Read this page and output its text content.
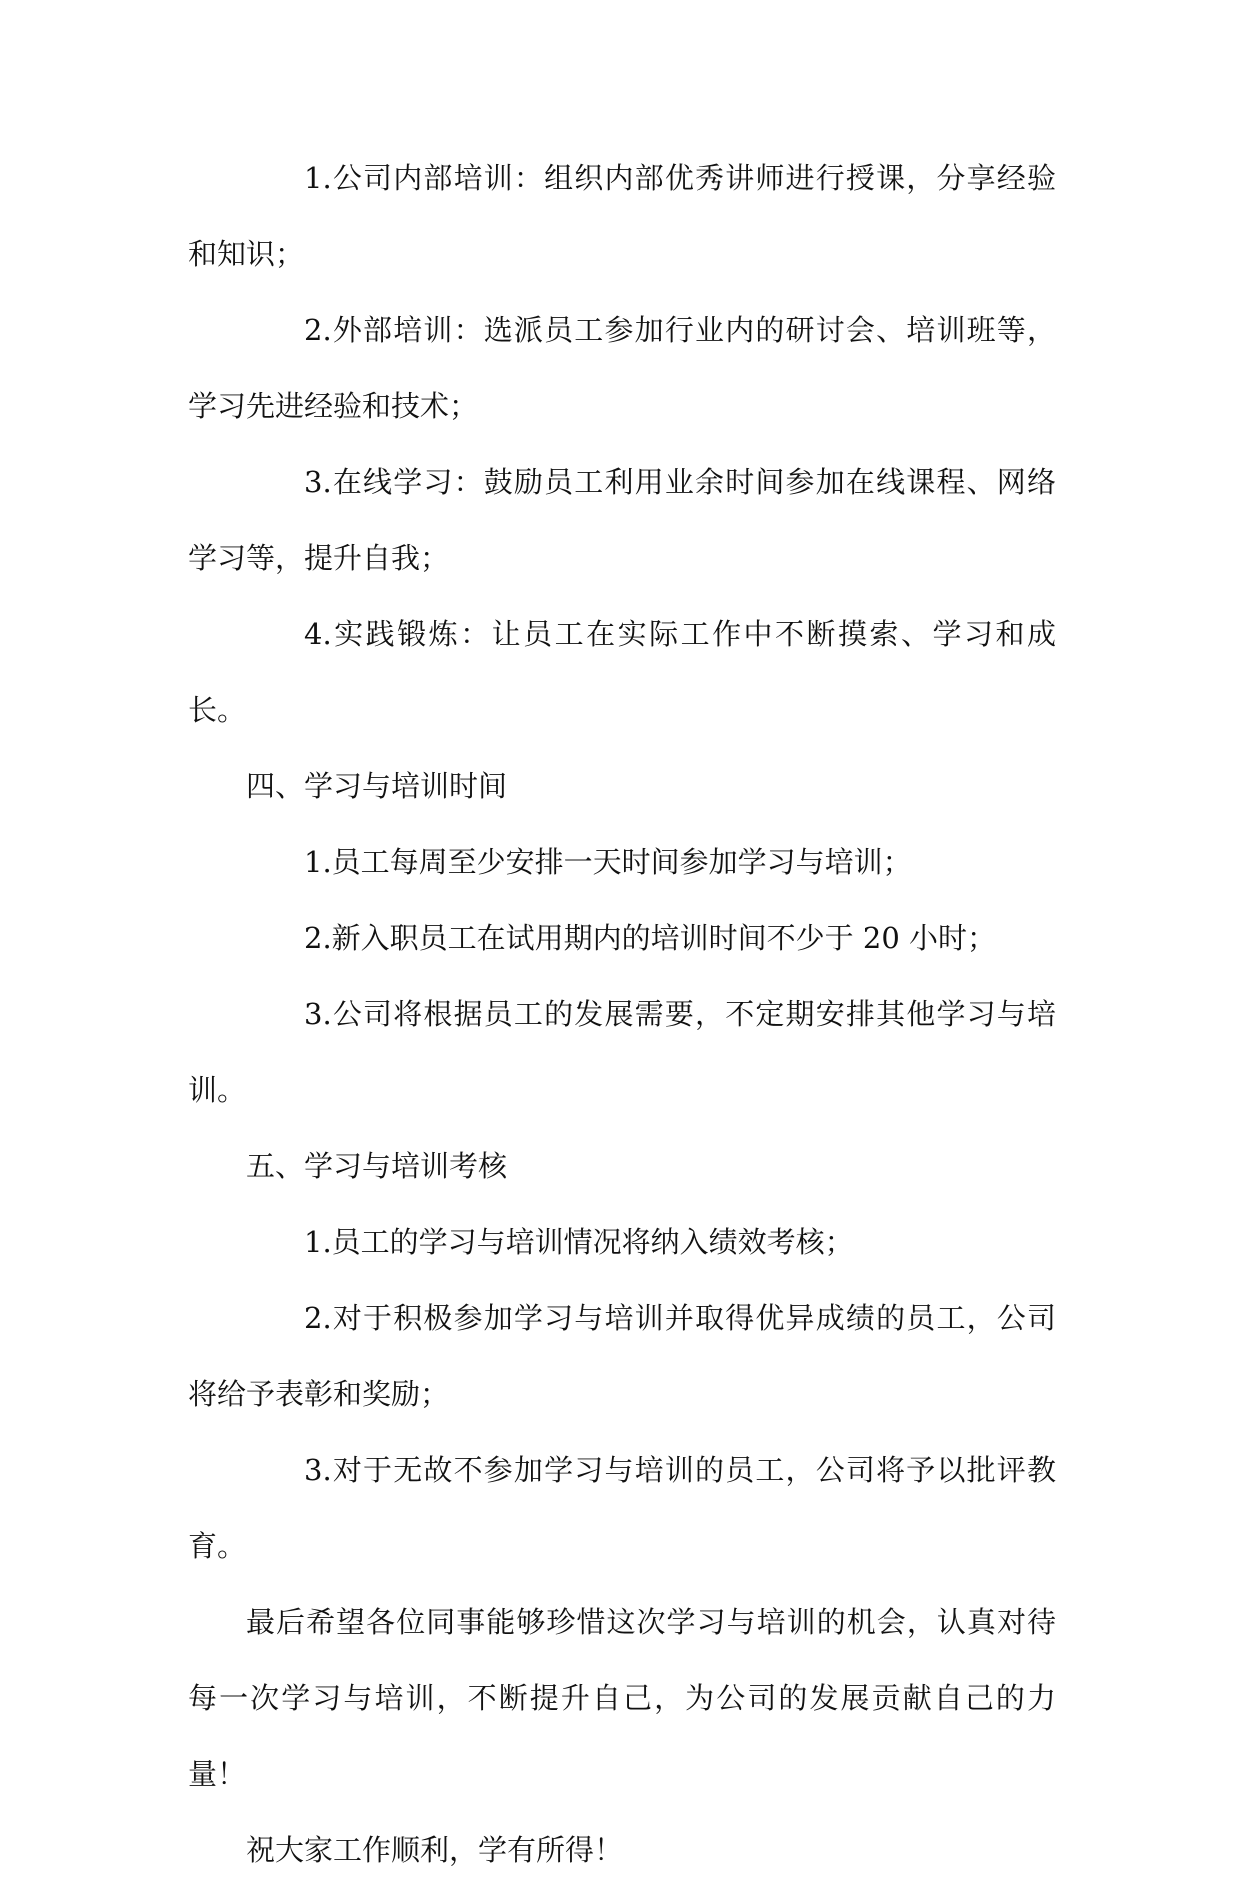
1.公司内部培训：组织内部优秀讲师进行授课，分享经验和知识；

2.外部培训：选派员工参加行业内的研讨会、培训班等，学习先进经验和技术；

3.在线学习：鼓励员工利用业余时间参加在线课程、网络学习等，提升自我；

4.实践锻炼：让员工在实际工作中不断摸索、学习和成长。

四、学习与培训时间

1.员工每周至少安排一天时间参加学习与培训；

2.新入职员工在试用期内的培训时间不少于 20 小时；

3.公司将根据员工的发展需要，不定期安排其他学习与培训。

五、学习与培训考核

1.员工的学习与培训情况将纳入绩效考核；

2.对于积极参加学习与培训并取得优异成绩的员工，公司将给予表彰和奖励；

3.对于无故不参加学习与培训的员工，公司将予以批评教育。

最后希望各位同事能够珍惜这次学习与培训的机会，认真对待每一次学习与培训，不断提升自己，为公司的发展贡献自己的力量！

祝大家工作顺利，学有所得！
